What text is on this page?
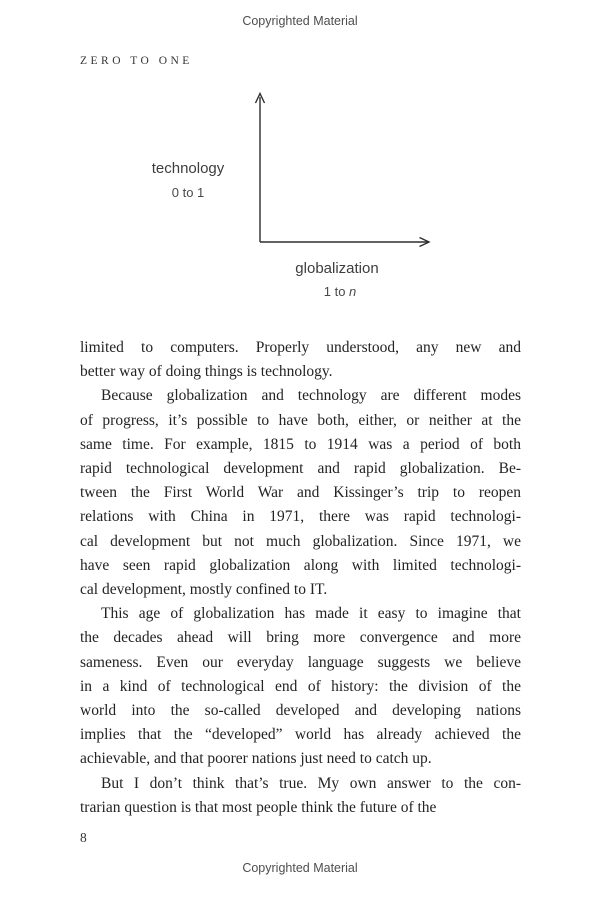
Copyrighted Material
ZERO TO ONE
technology
0 to 1
globalization
1 to n
limited to computers. Properly understood, any new and
better way of doing things is technology.
Because globalization and technology are different modes
of progress, it’s possible to have both, either, or neither at the
same time. For example, 1815 to 1914 was a period of both
rapid technological development and rapid globalization. Be-
tween the First World War and Kissinger’s trip to reopen
relations with China in 1971, there was rapid technologi-
cal development but not much globalization. Since 1971, we
have seen rapid globalization along with limited technologi-
cal development, mostly confined to IT.
This age of globalization has made it easy to imagine that
the decades ahead will bring more convergence and more
sameness. Even our everyday language suggests we believe
in a kind of technological end of history: the division of the
world into the so-called developed and developing nations
implies that the “developed” world has already achieved the
achievable, and that poorer nations just need to catch up.
But I don’t think that’s true. My own answer to the con-
trarian question is that most people think the future of the
8
Copyrighted Material
